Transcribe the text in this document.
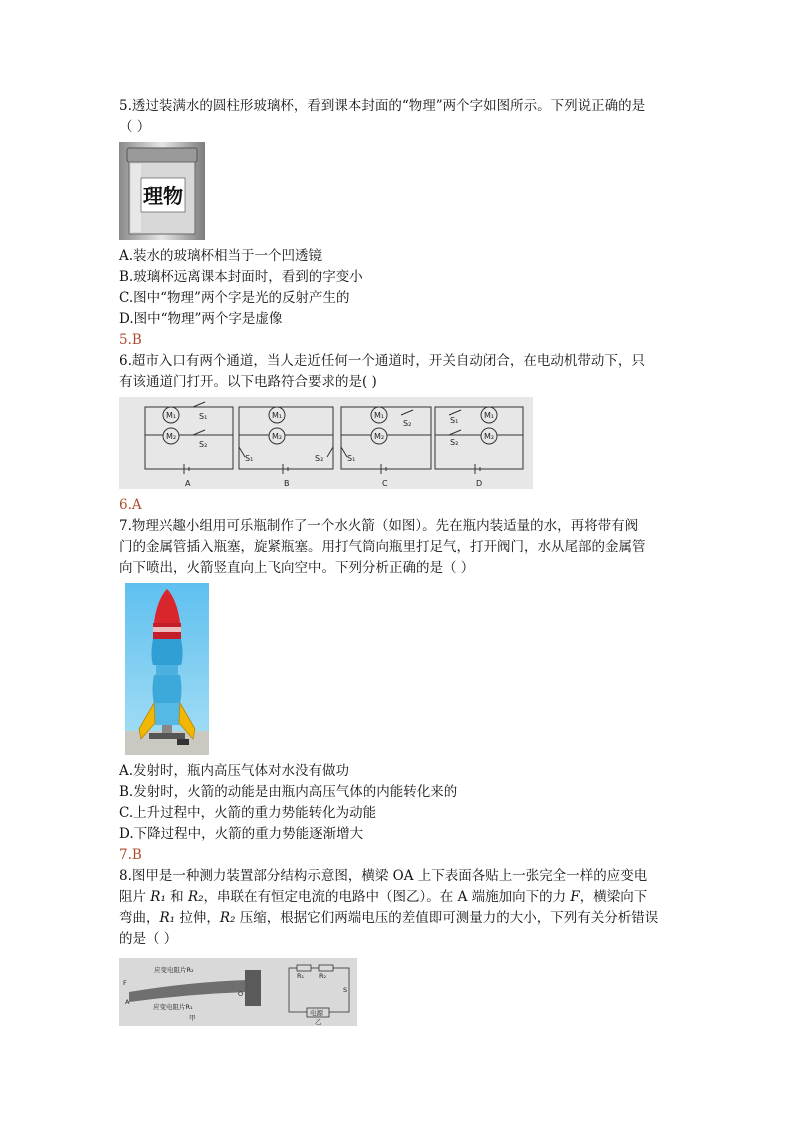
5.透过装满水的圆柱形玻璃杯，看到课本封面的“物理”两个字如图所示。下列说正确的是
（ ）
理物
A.装水的玻璃杯相当于一个凹透镜
B.玻璃杯远离课本封面时，看到的字变小
C.图中“物理”两个字是光的反射产生的
D.图中“物理”两个字是虚像
5.B
6.超市入口有两个通道，当人走近任何一个通道时，开关自动闭合，在电动机带动下，只
有该通道门打开。以下电路符合要求的是( )
M₁
M₂
S₁
S₂
M₁
M₂
S₁	S₂
M₁
M₂
S₂
S₁
M₁
M₂
S₁
S₂
A	B	C	D
6.A
7.物理兴趣小组用可乐瓶制作了一个水火箭（如图）。先在瓶内装适量的水，再将带有阀
门的金属管插入瓶塞，旋紧瓶塞。用打气筒向瓶里打足气，打开阀门，水从尾部的金属管
向下喷出，火箭竖直向上飞向空中。下列分析正确的是（ ）
A.发射时，瓶内高压气体对水没有做功
B.发射时，火箭的动能是由瓶内高压气体的内能转化来的
C.上升过程中，火箭的重力势能转化为动能
D.下降过程中，火箭的重力势能逐渐增大
7.B
8.图甲是一种测力装置部分结构示意图，横梁 OA 上下表面各贴上一张完全一样的应变电
阻片 R₁ 和 R₂，串联在有恒定电流的电路中（图乙）。在 A 端施加向下的力 F，横梁向下
弯曲，R₁ 拉伸，R₂ 压缩，根据它们两端电压的差值即可测量力的大小，下列有关分析错误
的是（ ）
应变电阻片R₂
应变电阻片R₁
F
A
O
甲
R₁ R₂
S
电源
乙
